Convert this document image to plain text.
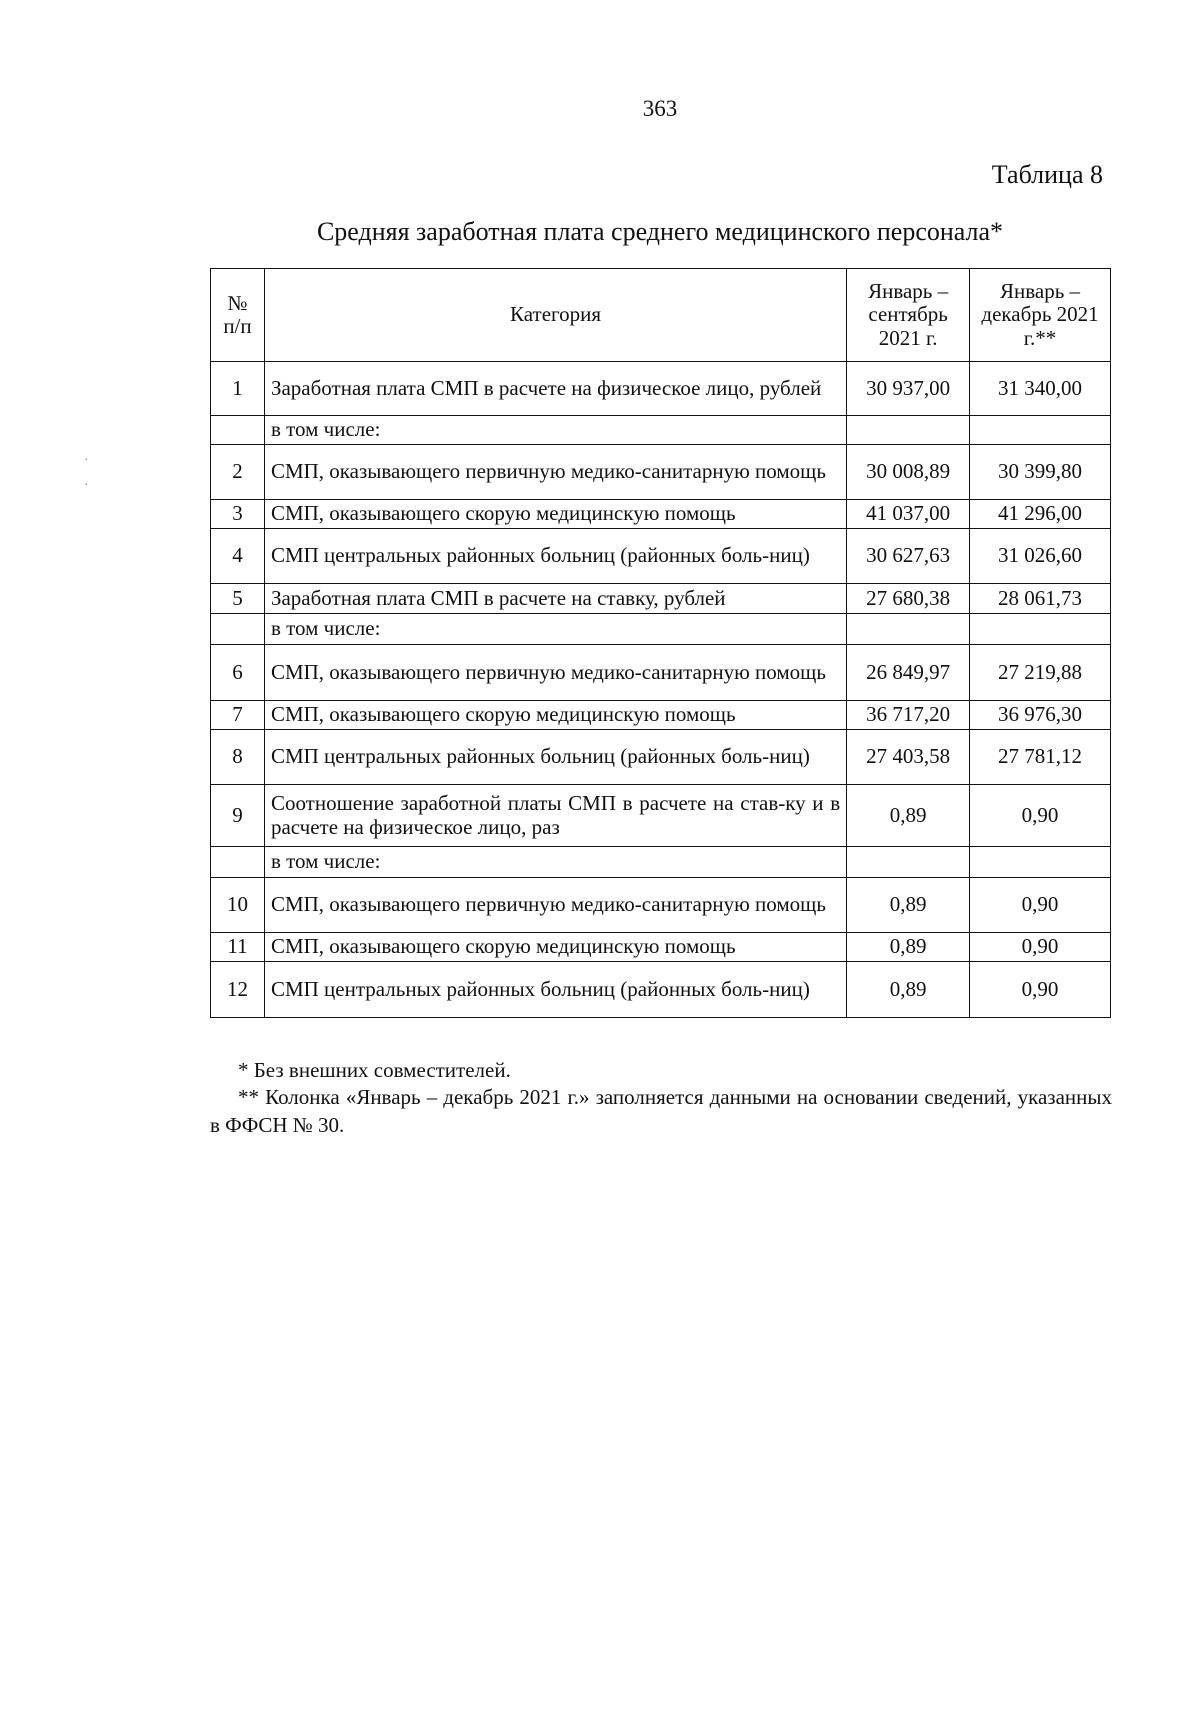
363
Таблица 8
Средняя заработная плата среднего медицинского персонала*
·
·
№ п/п	Категория	Январь – сентябрь 2021 г.	Январь – декабрь 2021 г.**
1	Заработная плата СМП в расчете на физическое лицо, рублей	30 937,00	31 340,00
	в том числе:		
2	СМП, оказывающего первичную медико-санитарную помощь	30 008,89	30 399,80
3	СМП, оказывающего скорую медицинскую помощь	41 037,00	41 296,00
4	СМП центральных районных больниц (районных боль-ниц)	30 627,63	31 026,60
5	Заработная плата СМП в расчете на ставку, рублей	27 680,38	28 061,73
	в том числе:		
6	СМП, оказывающего первичную медико-санитарную помощь	26 849,97	27 219,88
7	СМП, оказывающего скорую медицинскую помощь	36 717,20	36 976,30
8	СМП центральных районных больниц (районных боль-ниц)	27 403,58	27 781,12
9	Соотношение заработной платы СМП в расчете на став-ку и в расчете на физическое лицо, раз	0,89	0,90
	в том числе:		
10	СМП, оказывающего первичную медико-санитарную помощь	0,89	0,90
11	СМП, оказывающего скорую медицинскую помощь	0,89	0,90
12	СМП центральных районных больниц (районных боль-ниц)	0,89	0,90

* Без внешних совместителей.

** Колонка «Январь – декабрь 2021 г.» заполняется данными на основании сведений, указанных в ФФСН № 30.
